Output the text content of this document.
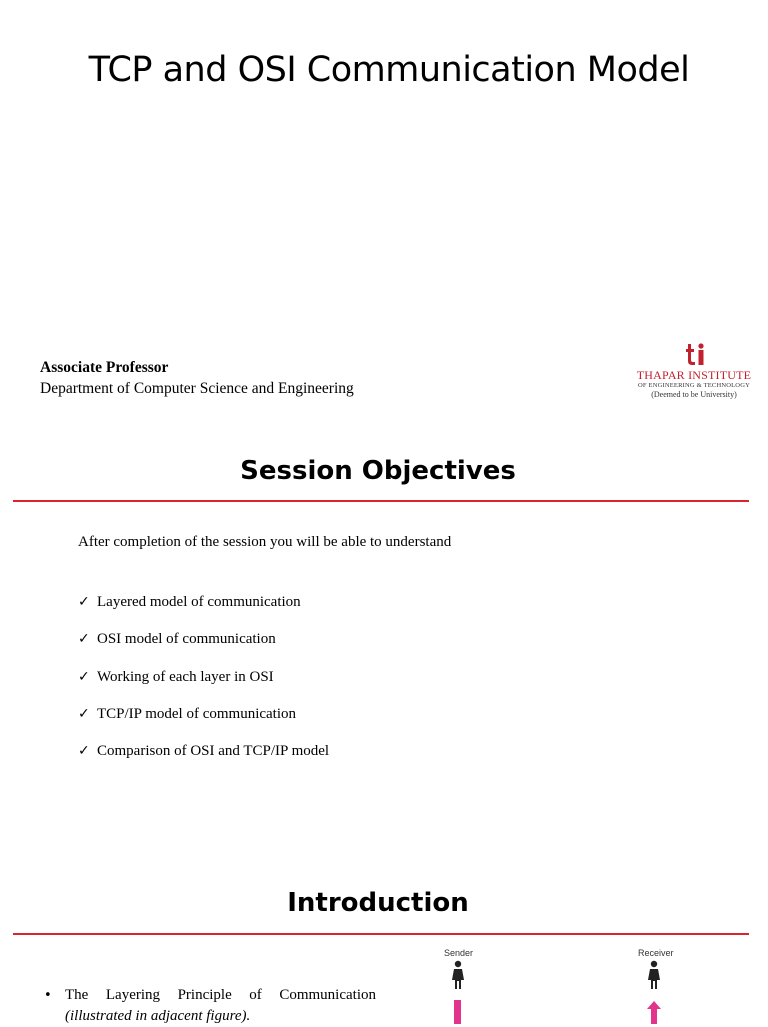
TCP and OSI Communication Model
Associate Professor
Department of Computer Science and Engineering
THAPAR INSTITUTE
OF ENGINEERING & TECHNOLOGY
(Deemed to be University)
Session Objectives
After completion of the session you will be able to understand
✓ Layered model of communication
✓ OSI model of communication
✓ Working of each layer in OSI
✓ TCP/IP model of communication
✓ Comparison of OSI and TCP/IP model
Introduction
• The Layering Principle of Communication
(illustrated in adjacent figure).
Sender	Receiver
